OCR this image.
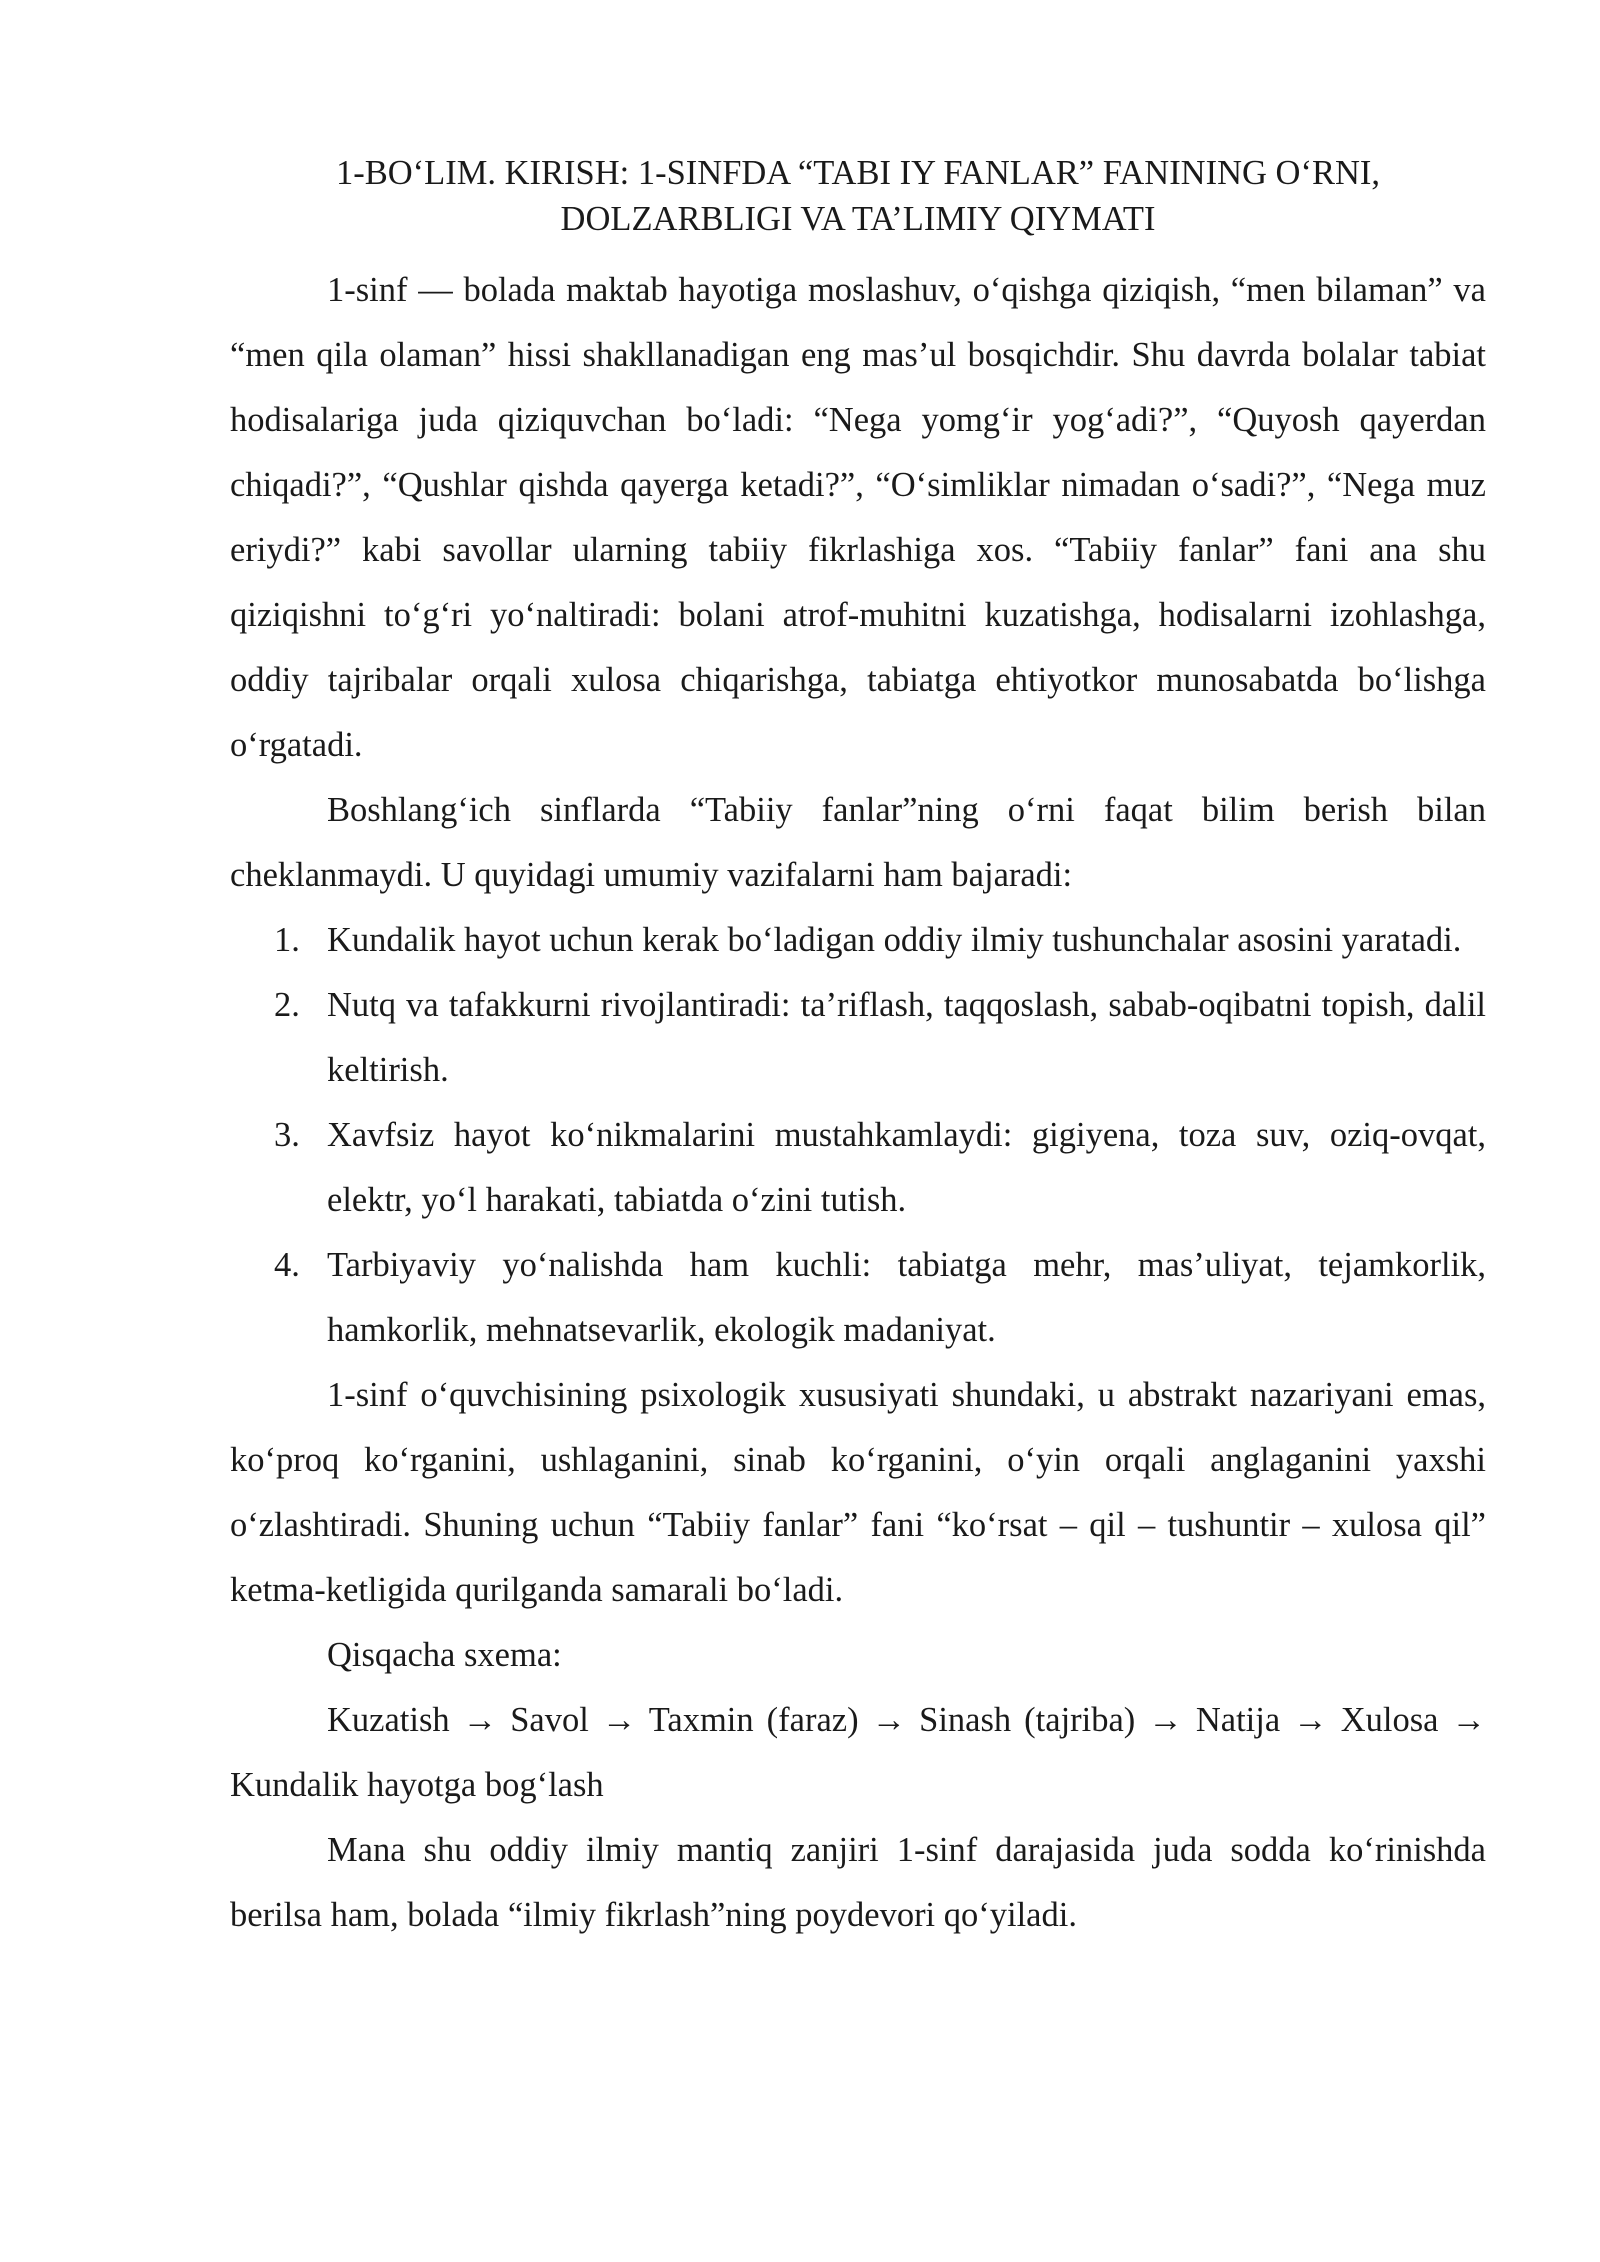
1-BO‘LIM. KIRISH: 1-SINFDA “TABI IY FANLAR” FANINING O‘RNI,
DOLZARBLIGI VA TA’LIMIY QIYMATI

1-sinf — bolada maktab hayotiga moslashuv, o‘qishga qiziqish, “men bilaman” va “men qila olaman” hissi shakllanadigan eng mas’ul bosqichdir. Shu davrda bolalar tabiat hodisalariga juda qiziquvchan bo‘ladi: “Nega yomg‘ir yog‘adi?”, “Quyosh qayerdan chiqadi?”, “Qushlar qishda qayerga ketadi?”, “O‘simliklar nimadan o‘sadi?”, “Nega muz eriydi?” kabi savollar ularning tabiiy fikrlashiga xos. “Tabiiy fanlar” fani ana shu qiziqishni to‘g‘ri yo‘naltiradi: bolani atrof-muhitni kuzatishga, hodisalarni izohlashga, oddiy tajribalar orqali xulosa chiqarishga, tabiatga ehtiyotkor munosabatda bo‘lishga o‘rgatadi.

Boshlang‘ich sinflarda “Tabiiy fanlar”ning o‘rni faqat bilim berish bilan cheklanmaydi. U quyidagi umumiy vazifalarni ham bajaradi:

1. Kundalik hayot uchun kerak bo‘ladigan oddiy ilmiy tushunchalar asosini yaratadi.
2. Nutq va tafakkurni rivojlantiradi: ta’riflash, taqqoslash, sabab-oqibatni topish, dalil keltirish.
3. Xavfsiz hayot ko‘nikmalarini mustahkamlaydi: gigiyena, toza suv, oziq-ovqat, elektr, yo‘l harakati, tabiatda o‘zini tutish.
4. Tarbiyaviy yo‘nalishda ham kuchli: tabiatga mehr, mas’uliyat, tejamkorlik, hamkorlik, mehnatsevarlik, ekologik madaniyat.

1-sinf o‘quvchisining psixologik xususiyati shundaki, u abstrakt nazariyani emas, ko‘proq ko‘rganini, ushlaganini, sinab ko‘rganini, o‘yin orqali anglaganini yaxshi o‘zlashtiradi. Shuning uchun “Tabiiy fanlar” fani “ko‘rsat – qil – tushuntir – xulosa qil” ketma-ketligida qurilganda samarali bo‘ladi.

Qisqacha sxema:

Kuzatish → Savol → Taxmin (faraz) → Sinash (tajriba) → Natija → Xulosa → Kundalik hayotga bog‘lash

Mana shu oddiy ilmiy mantiq zanjiri 1-sinf darajasida juda sodda ko‘rinishda berilsa ham, bolada “ilmiy fikrlash”ning poydevori qo‘yiladi.
